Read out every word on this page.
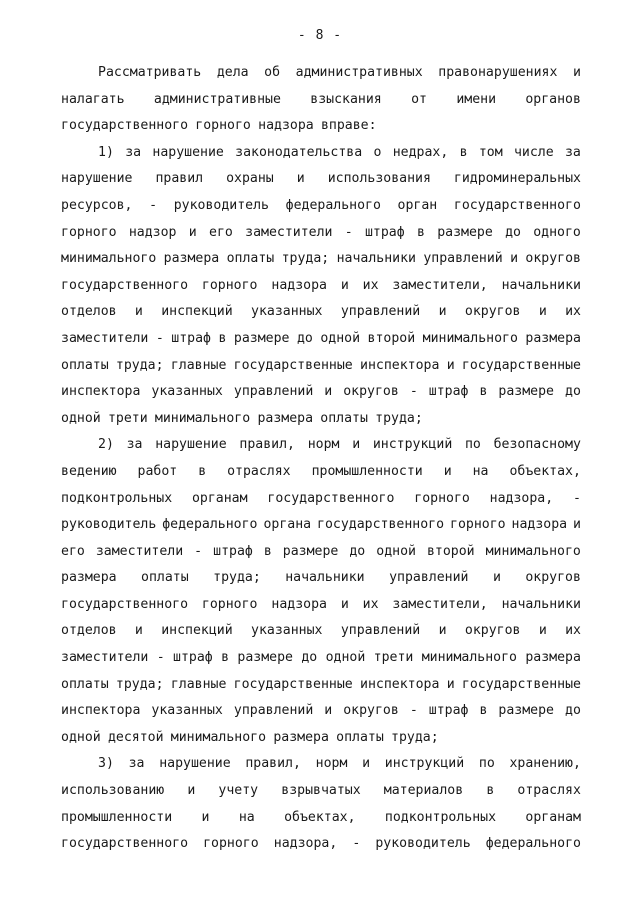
- 8 -
Рассматривать дела об административных правонарушениях и
налагать административные взыскания от имени органов
государственного горного надзора вправе:
1) за нарушение законодательства о недрах, в том числе за
нарушение правил охраны и использования гидроминеральных
ресурсов, - руководитель федерального орган государственного
горного надзор и его заместители - штраф в размере до одного
минимального размера оплаты труда; начальники управлений и округов
государственного горного надзора и их заместители, начальники
отделов и инспекций указанных управлений и округов и их
заместители - штраф в размере до одной второй минимального размера
оплаты труда; главные государственные инспектора и государственные
инспектора указанных управлений и округов - штраф в размере до
одной трети минимального размера оплаты труда;
2) за нарушение правил, норм и инструкций по безопасному
ведению работ в отраслях промышленности и на объектах,
подконтрольных органам государственного горного надзора, -
руководитель федерального органа государственного горного надзора и
его заместители - штраф в размере до одной второй минимального
размера оплаты труда; начальники управлений и округов
государственного горного надзора и их заместители, начальники
отделов и инспекций указанных управлений и округов и их
заместители - штраф в размере до одной трети минимального размера
оплаты труда; главные государственные инспектора и государственные
инспектора указанных управлений и округов - штраф в размере до
одной десятой минимального размера оплаты труда;
3) за нарушение правил, норм и инструкций по хранению,
использованию и учету взрывчатых материалов в отраслях
промышленности и на объектах, подконтрольных органам
государственного горного надзора, - руководитель федерального
